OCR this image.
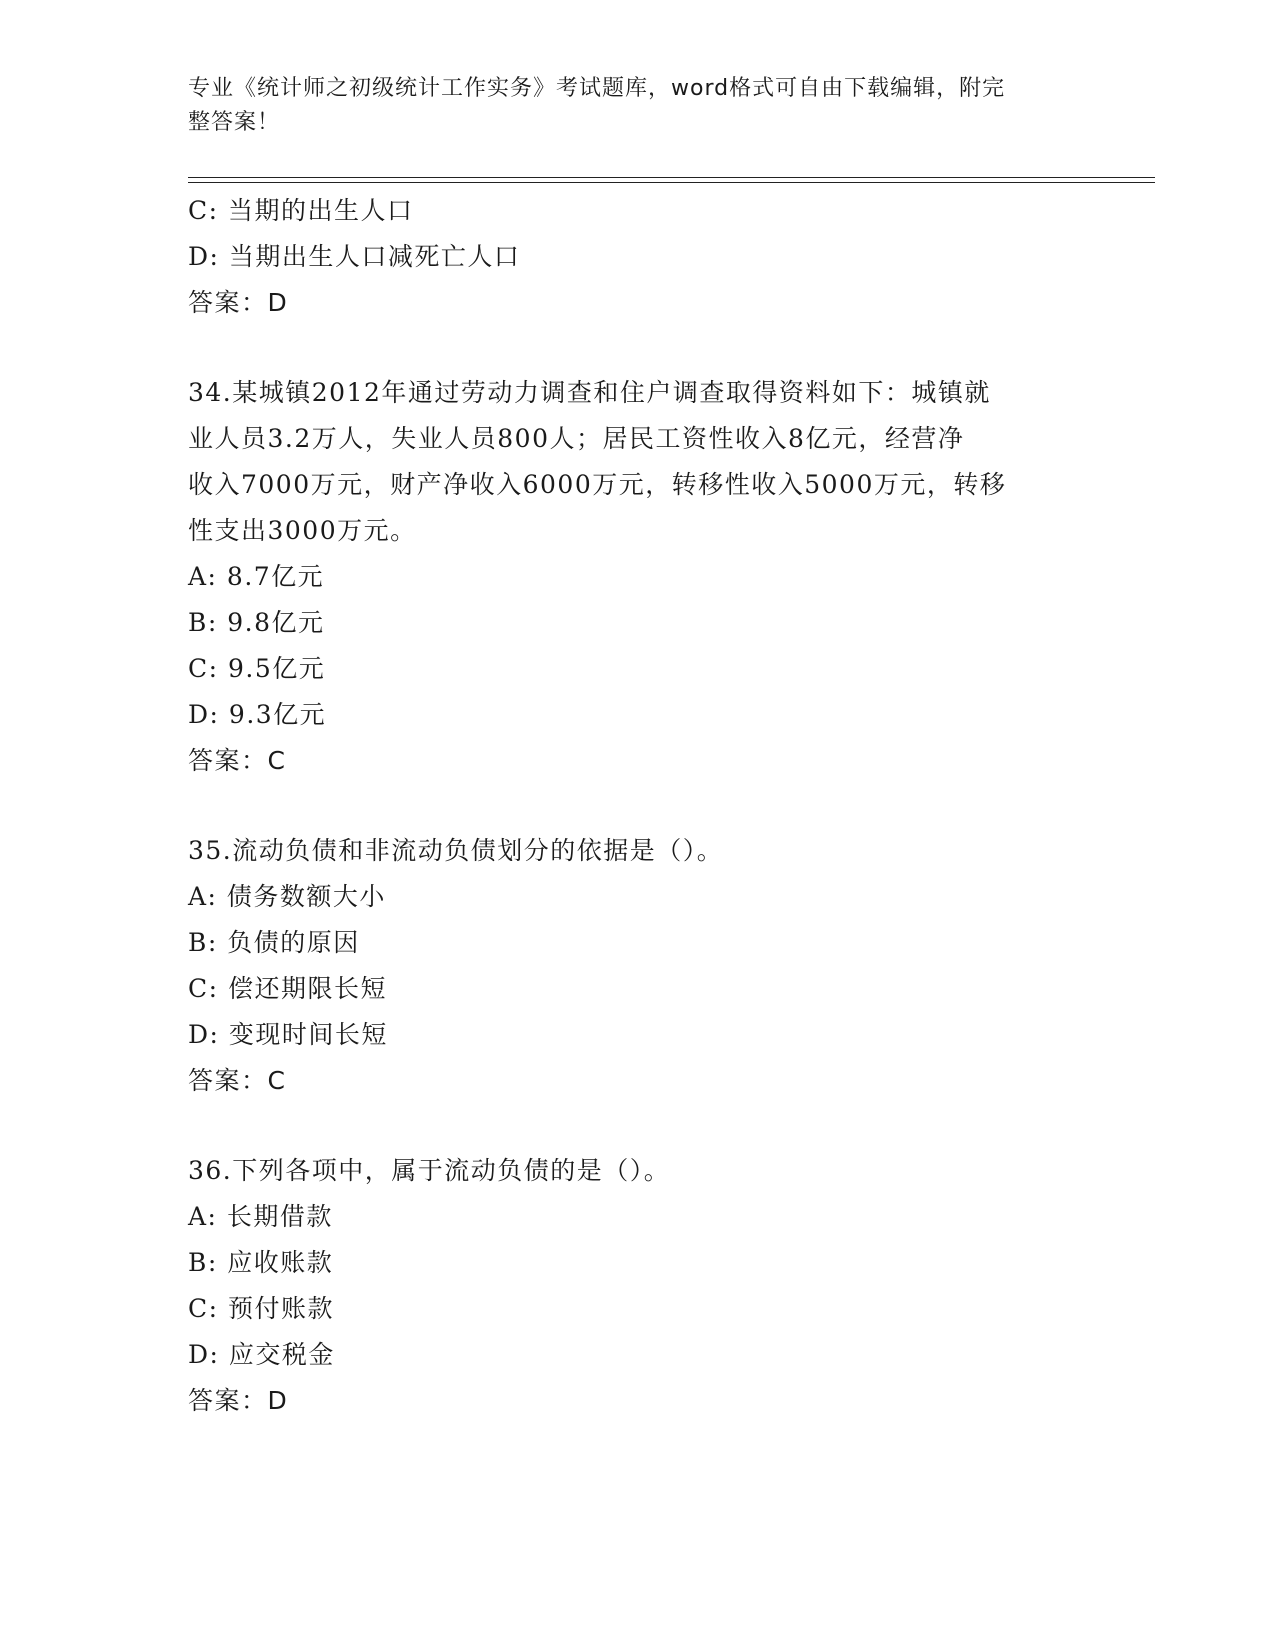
专业《统计师之初级统计工作实务》考试题库，word格式可自由下载编辑，附完
整答案！
C: 当期的出生人口
D: 当期出生人口减死亡人口
答案：D
34.某城镇2012年通过劳动力调查和住户调查取得资料如下：城镇就
业人员3.2万人，失业人员800人；居民工资性收入8亿元，经营净
收入7000万元，财产净收入6000万元，转移性收入5000万元，转移
性支出3000万元。
A: 8.7亿元
B: 9.8亿元
C: 9.5亿元
D: 9.3亿元
答案：C
35.流动负债和非流动负债划分的依据是（）。
A: 债务数额大小
B: 负债的原因
C: 偿还期限长短
D: 变现时间长短
答案：C
36.下列各项中，属于流动负债的是（）。
A: 长期借款
B: 应收账款
C: 预付账款
D: 应交税金
答案：D
